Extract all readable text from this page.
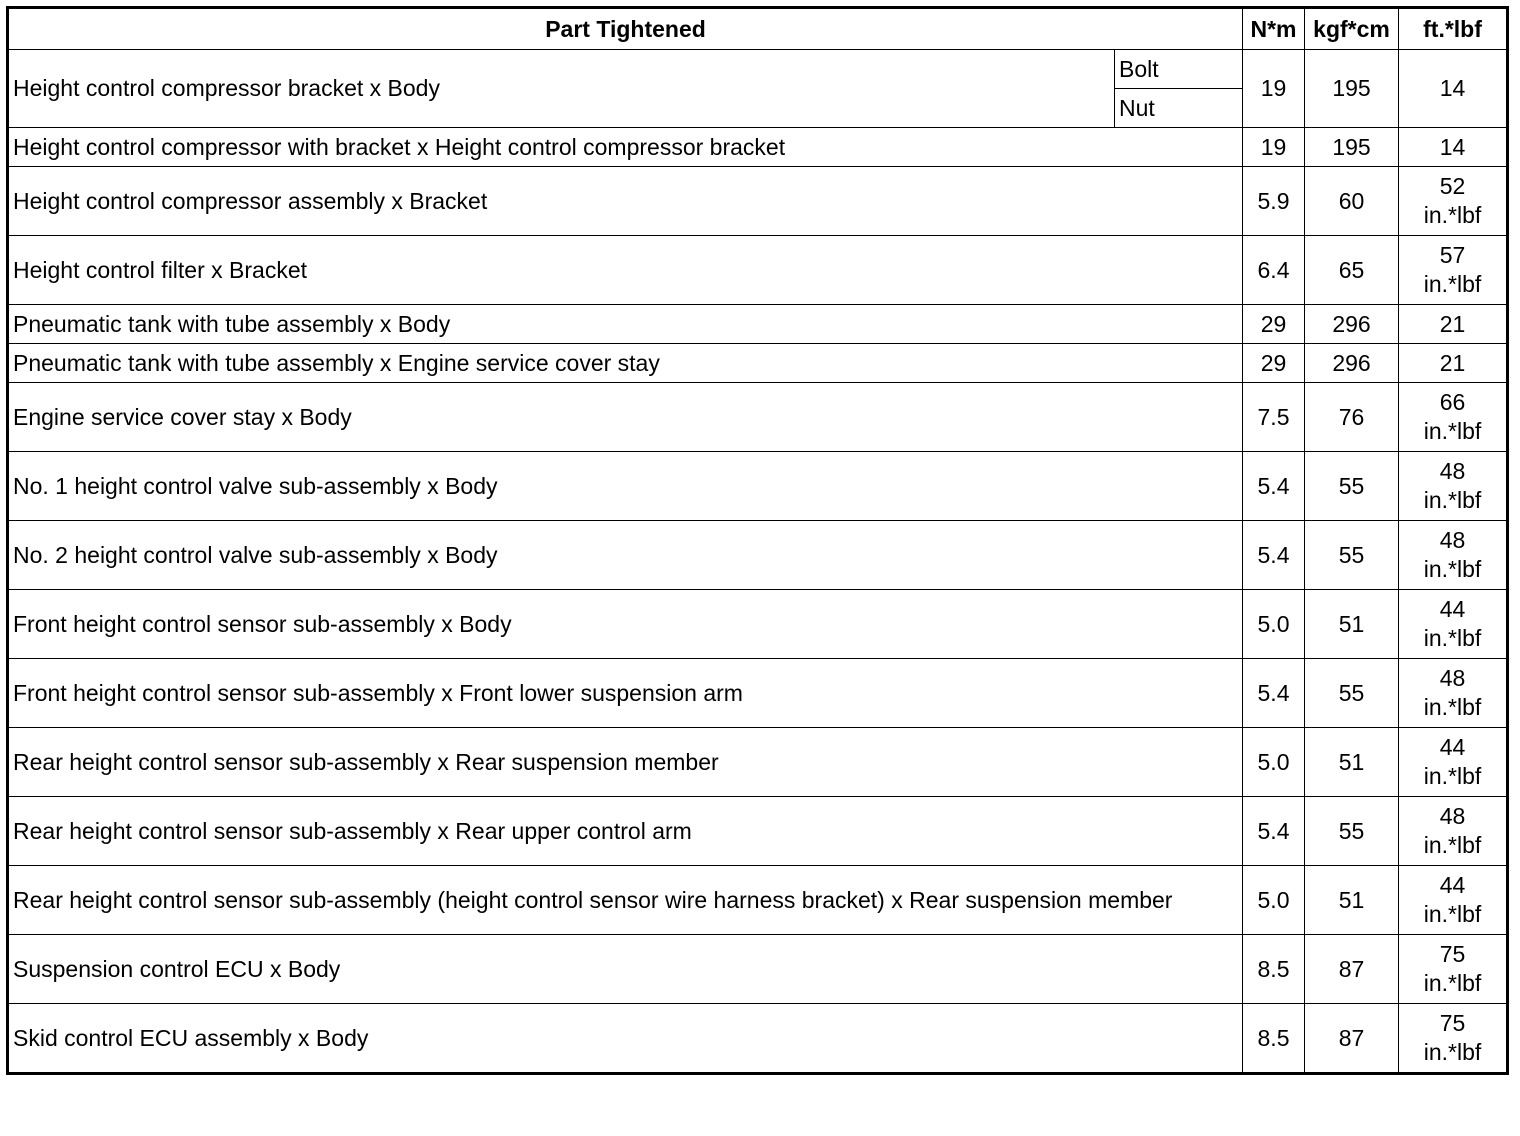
Part Tightened		N*m	kgf*cm	ft.*lbf
Height control compressor bracket x Body	Bolt	19	195	14
	Nut			
Height control compressor with bracket x Height control compressor bracket		19	195	14

Height control compressor assembly x Bracket		5.9	60	52
in.*lbf

Height control filter x Bracket		6.4	65	57
in.*lbf

Pneumatic tank with tube assembly x Body		29	296	21

Pneumatic tank with tube assembly x Engine service cover stay		29	296	21

Engine service cover stay x Body		7.5	76	66
in.*lbf

No. 1 height control valve sub-assembly x Body		5.4	55	48
in.*lbf

No. 2 height control valve sub-assembly x Body		5.4	55	48
in.*lbf

Front height control sensor sub-assembly x Body		5.0	51	44
in.*lbf

Front height control sensor sub-assembly x Front lower suspension arm		5.4	55	48
in.*lbf

Rear height control sensor sub-assembly x Rear suspension member		5.0	51	44
in.*lbf

Rear height control sensor sub-assembly x Rear upper control arm		5.4	55	48
in.*lbf

Rear height control sensor sub-assembly (height control sensor wire harness bracket) x Rear suspension member		5.0	51	44
in.*lbf

Suspension control ECU x Body		8.5	87	75
in.*lbf

Skid control ECU assembly x Body		8.5	87	75
in.*lbf
